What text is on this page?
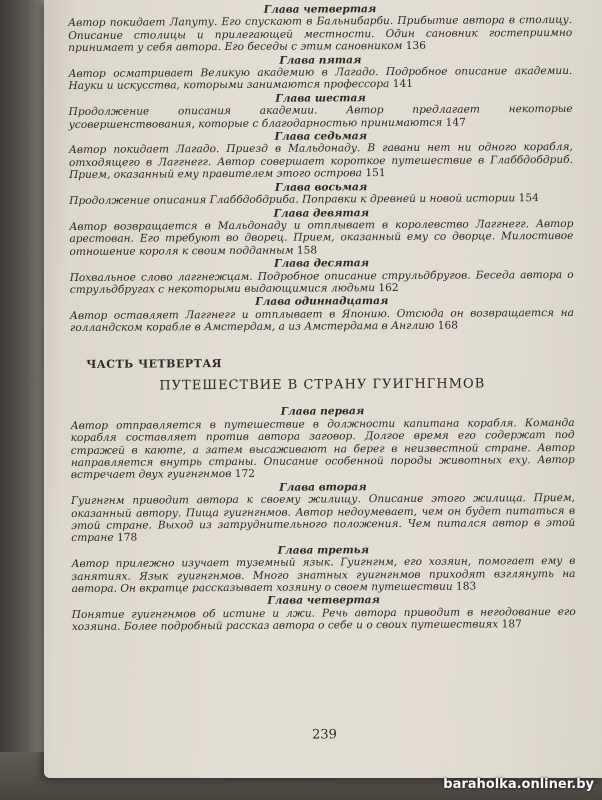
Глава четвертая
Автор покидает Лапуту. Его спускают в Бальнибарби. Прибытие автора в столицу. Описание столицы и прилегающей местности. Один сановник гостеприимно принимает у себя автора. Его беседы с этим сановником 136
Глава пятая
Автор осматривает Великую академию в Лагадо. Подробное описание академии. Науки и искусства, которыми занимаются профессора 141
Глава шестая
Продолжение описания академии. Автор предлагает некоторые усовершенствования, которые с благодарностью принимаются 147
Глава седьмая
Автор покидает Лагадо. Приезд в Мальдонаду. В гавани нет ни одного корабля, отходящего в Лаггнегг. Автор совершает короткое путешествие в Глаббдобдриб. Прием, оказанный ему правителем этого острова 151
Глава восьмая
Продолжение описания Глаббдобдриба. Поправки к древней и новой истории 154
Глава девятая
Автор возвращается в Мальдонаду и отплывает в королевство Лаггнегг. Автор арестован. Его требуют во дворец. Прием, оказанный ему со дворце. Милостивое отношение короля к своим подданным 158
Глава десятая
Похвальное слово лаггнежцам. Подробное описание струльдбругов. Беседа автора о струльдбругах с некоторыми выдающимися людьми 162
Глава одиннадцатая
Автор оставляет Лаггнегг и отплывает в Японию. Отсюда он возвращается на голландском корабле в Амстердам, а из Амстердама в Англию 168
ЧАСТЬ ЧЕТВЕРТАЯ
ПУТЕШЕСТВИЕ В СТРАНУ ГУИГНГНМОВ
Глава первая
Автор отправляется в путешествие в должности капитана корабля. Команда корабля составляет против автора заговор. Долгое время его содержат под стражей в каюте, а затем высаживают на берег в неизвестной стране. Автор направляется внутрь страны. Описание особенной породы животных еху. Автор встречает двух гуигнгнмов 172
Глава вторая
Гуигнгнм приводит автора к своему жилищу. Описание этого жилища. Прием, оказанный автору. Пища гуигнгнмов. Автор недоумевает, чем он будет питаться в этой стране. Выход из затруднительного положения. Чем питался автор в этой стране 178
Глава третья
Автор прилежно изучает туземный язык. Гуигнгнм, его хозяин, помогает ему в занятиях. Язык гуигнгнмов. Много знатных гуигнгнмов приходят взглянуть на автора. Он вкратце рассказывает хозяину о своем путешествии 183
Глава четвертая
Понятие гуигнгнмов об истине и лжи. Речь автора приводит в негодование его хозяина. Более подробный рассказ автора о себе и о своих путешествиях 187
239
baraholka.onliner.by
